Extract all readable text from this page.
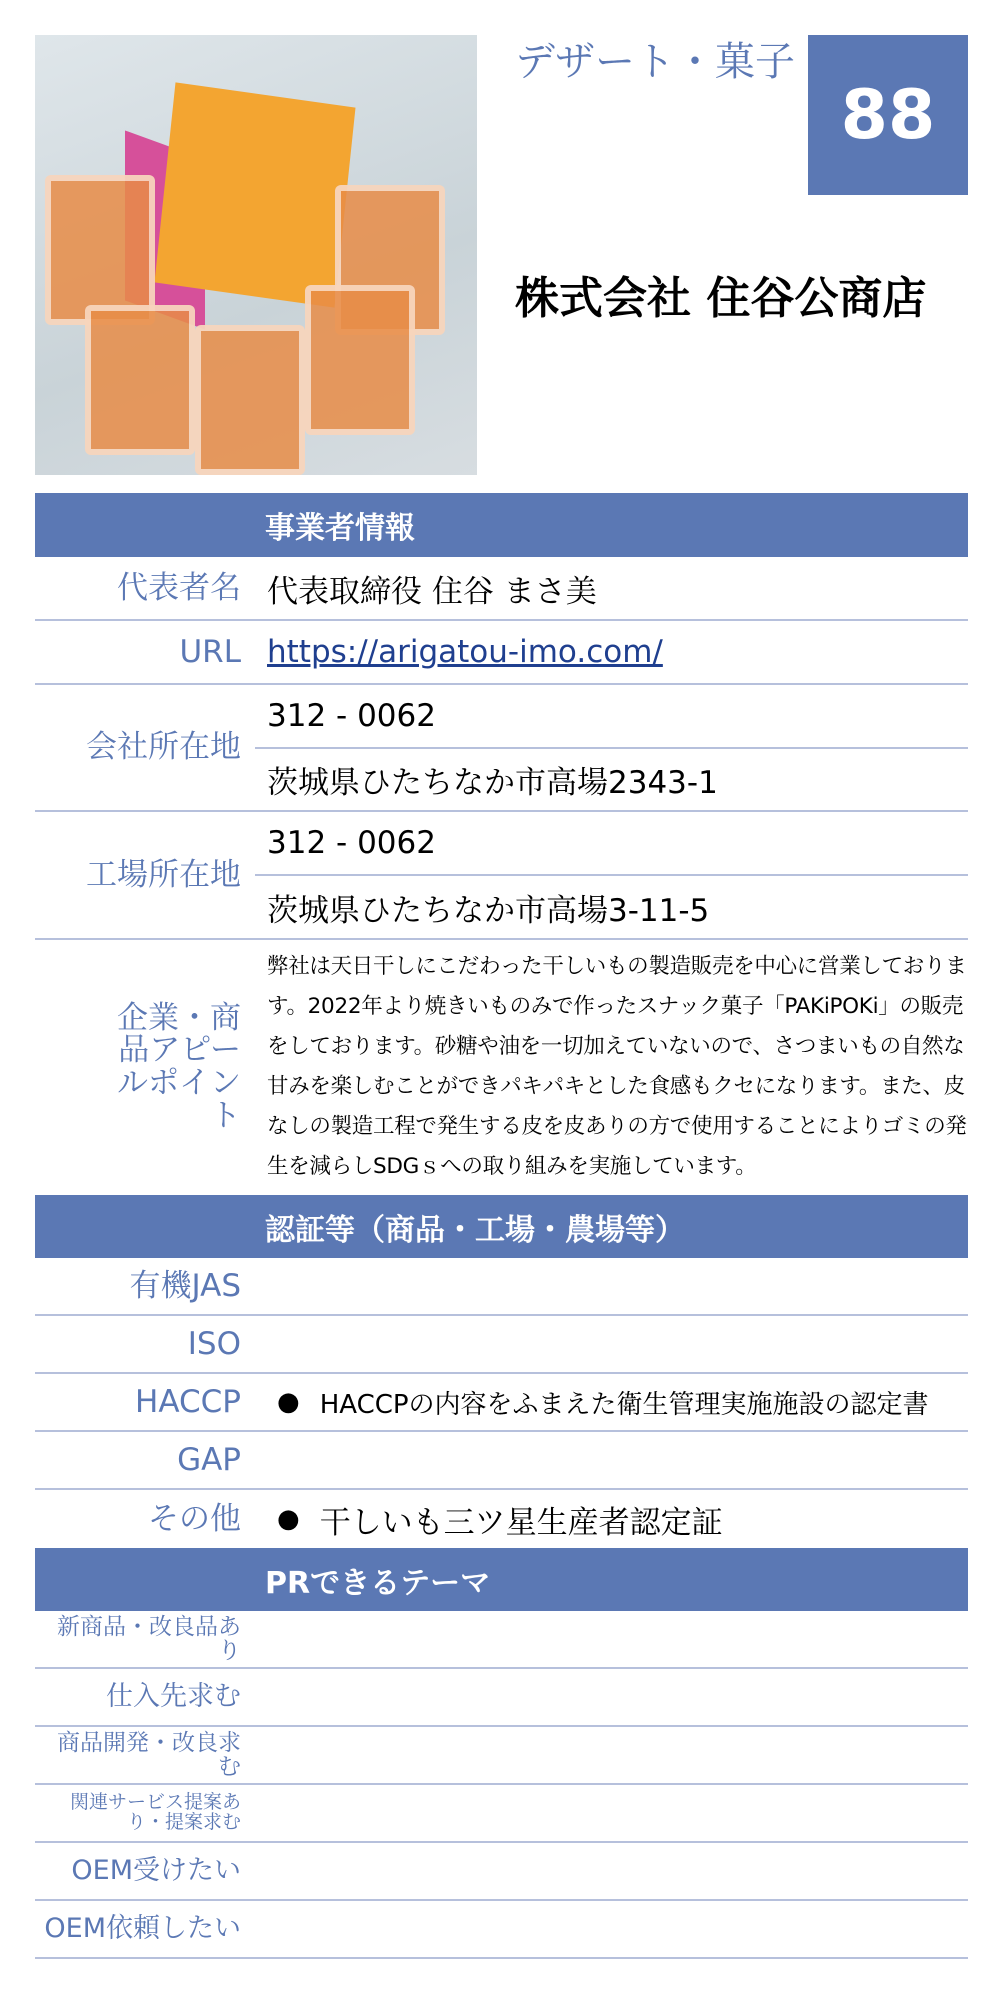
デザート・菓子
88
株式会社 住谷公商店
事業者情報
代表者名 代表取締役 住谷 まさ美
URL https://arigatou-imo.com/
会社所在地
312 - 0062
茨城県ひたちなか市高場2343-1
工場所在地
312 - 0062
茨城県ひたちなか市高場3-11-5
企業・商品アピールポイント
弊社は天日干しにこだわった干しいもの製造販売を中心に営業しております。2022年より焼きいものみで作ったスナック菓子「PAKiPOKi」の販売をしております。砂糖や油を一切加えていないので、さつまいもの自然な甘みを楽しむことができパキパキとした食感もクセになります。また、皮なしの製造工程で発生する皮を皮ありの方で使用することによりゴミの発生を減らしSDGｓへの取り組みを実施しています。
認証等（商品・工場・農場等）
有機JAS
ISO
HACCP	● HACCPの内容をふまえた衛生管理実施施設の認定書
GAP
その他	● 干しいも三ツ星生産者認定証
PRできるテーマ
新商品・改良品あり
仕入先求む
商品開発・改良求む
関連サービス提案あり・提案求む
OEM受けたい
OEM依頼したい
